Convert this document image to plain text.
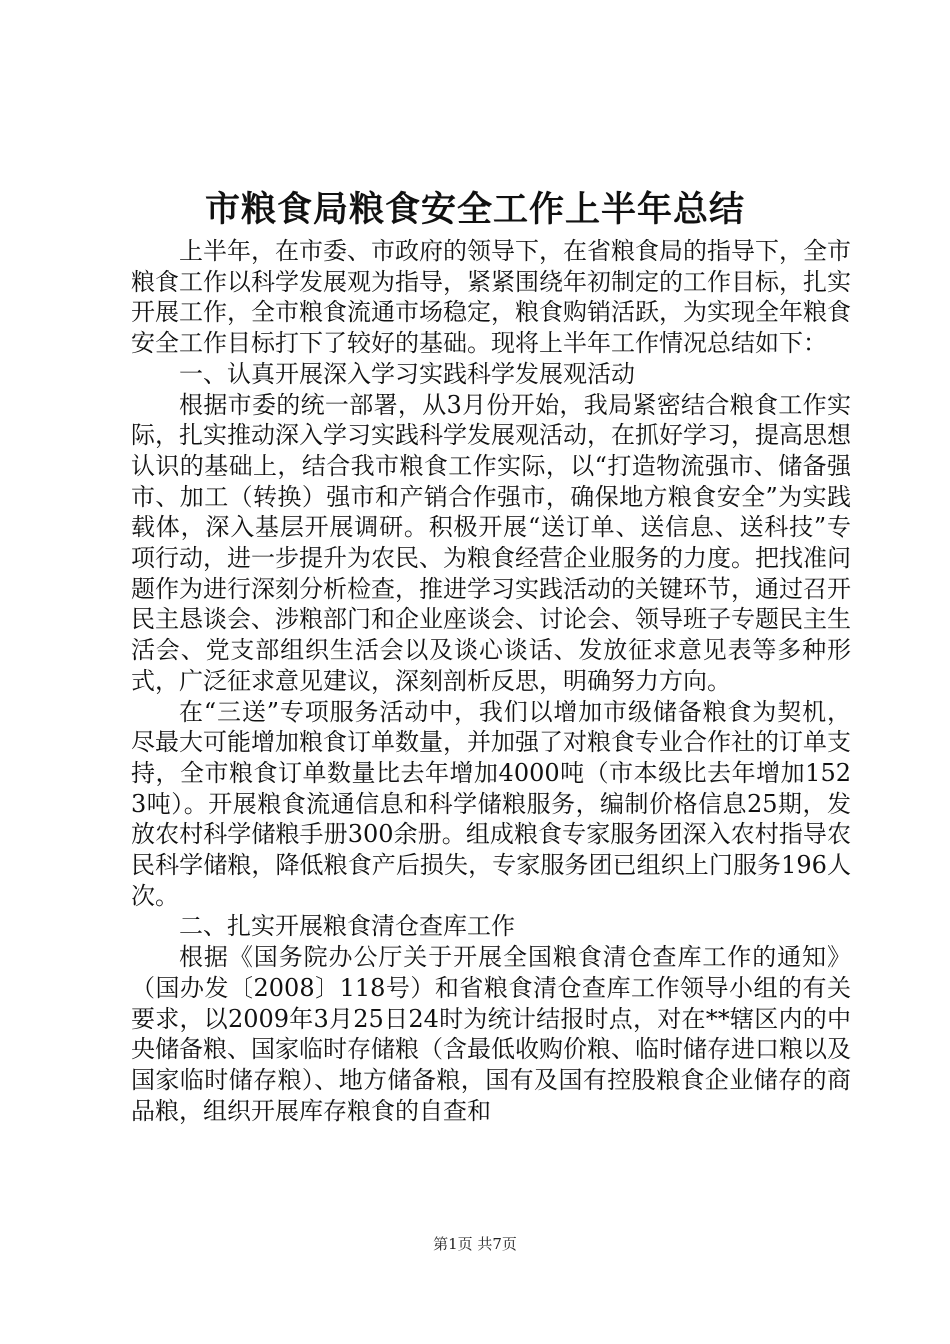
市粮食局粮食安全工作上半年总结

上半年，在市委、市政府的领导下，在省粮食局的指导下，全市粮食工作以科学发展观为指导，紧紧围绕年初制定的工作目标，扎实开展工作，全市粮食流通市场稳定，粮食购销活跃，为实现全年粮食安全工作目标打下了较好的基础。现将上半年工作情况总结如下：

一、认真开展深入学习实践科学发展观活动

根据市委的统一部署，从3月份开始，我局紧密结合粮食工作实际，扎实推动深入学习实践科学发展观活动，在抓好学习，提高思想认识的基础上，结合我市粮食工作实际，以“打造物流强市、储备强市、加工（转换）强市和产销合作强市，确保地方粮食安全”为实践载体，深入基层开展调研。积极开展“送订单、送信息、送科技”专项行动，进一步提升为农民、为粮食经营企业服务的力度。把找准问题作为进行深刻分析检查，推进学习实践活动的关键环节，通过召开民主恳谈会、涉粮部门和企业座谈会、讨论会、领导班子专题民主生活会、党支部组织生活会以及谈心谈话、发放征求意见表等多种形式，广泛征求意见建议，深刻剖析反思，明确努力方向。

在“三送”专项服务活动中，我们以增加市级储备粮食为契机，尽最大可能增加粮食订单数量，并加强了对粮食专业合作社的订单支持，全市粮食订单数量比去年增加4000吨（市本级比去年增加1523吨）。开展粮食流通信息和科学储粮服务，编制价格信息25期，发放农村科学储粮手册300余册。组成粮食专家服务团深入农村指导农民科学储粮，降低粮食产后损失，专家服务团已组织上门服务196人次。

二、扎实开展粮食清仓查库工作

根据《国务院办公厅关于开展全国粮食清仓查库工作的通知》（国办发〔2008〕118号）和省粮食清仓查库工作领导小组的有关要求，以2009年3月25日24时为统计结报时点，对在**辖区内的中央储备粮、国家临时存储粮（含最低收购价粮、临时储存进口粮以及国家临时储存粮）、地方储备粮，国有及国有控股粮食企业储存的商品粮，组织开展库存粮食的自查和

第1页 共7页
